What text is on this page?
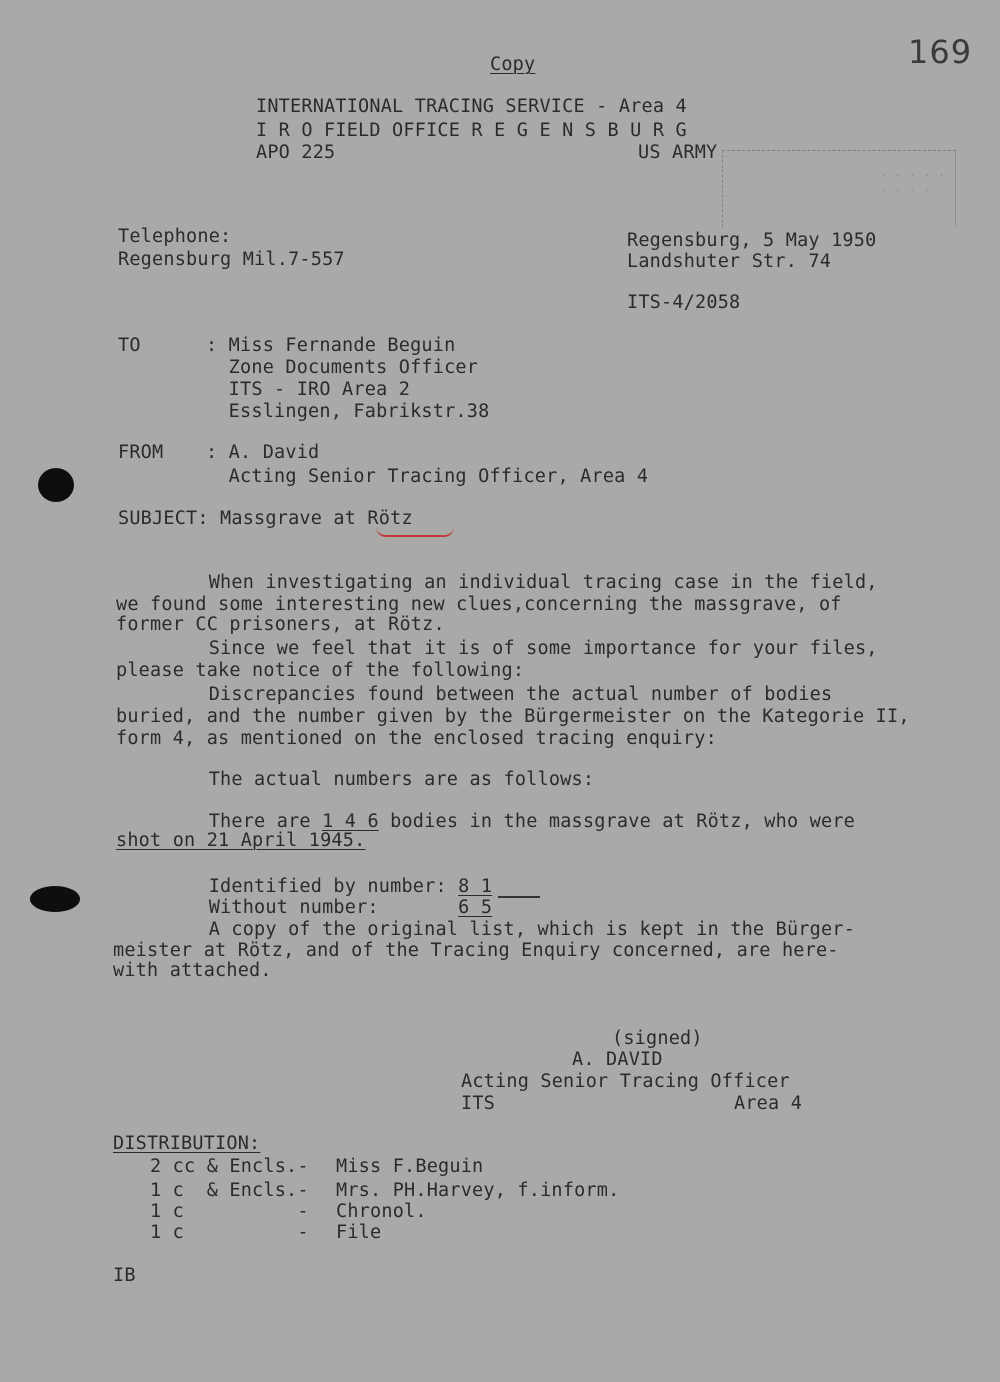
Copy	169
INTERNATIONAL TRACING SERVICE - Area 4
I R O FIELD OFFICE R E G E N S B U R G
APO 225	US ARMY
. . . . .
. . . .
Telephone:
Regensburg Mil.7-557
Regensburg, 5 May 1950
Landshuter Str. 74
ITS-4/2058
TO	: Miss Fernande Beguin
Zone Documents Officer
ITS - IRO Area 2
Esslingen, Fabrikstr.38
FROM : A. David
Acting Senior Tracing Officer, Area 4
SUBJECT: Massgrave at Rötz
When investigating an individual tracing case in the field,
we found some interesting new clues,concerning the massgrave, of
former CC prisoners, at Rötz.
Since we feel that it is of some importance for your files,
please take notice of the following:
Discrepancies found between the actual number of bodies
buried, and the number given by the Bürgermeister on the Kategorie II,
form 4, as mentioned on the enclosed tracing enquiry:
The actual numbers are as follows:
There are 1 4 6 bodies in the massgrave at Rötz, who were
shot on 21 April 1945.
Identified by number: 8 1
Without number:       6 5
A copy of the original list, which is kept in the Bürger-
meister at Rötz, and of the Tracing Enquiry concerned, are here-
with attached.
(signed)
A. DAVID
Acting Senior Tracing Officer
ITS	Area 4
DISTRIBUTION:
2 cc & Encls.- Miss F.Beguin
1 c  & Encls.- Mrs. PH.Harvey, f.inform.
1 c          - Chronol.
1 c          - File
IB
